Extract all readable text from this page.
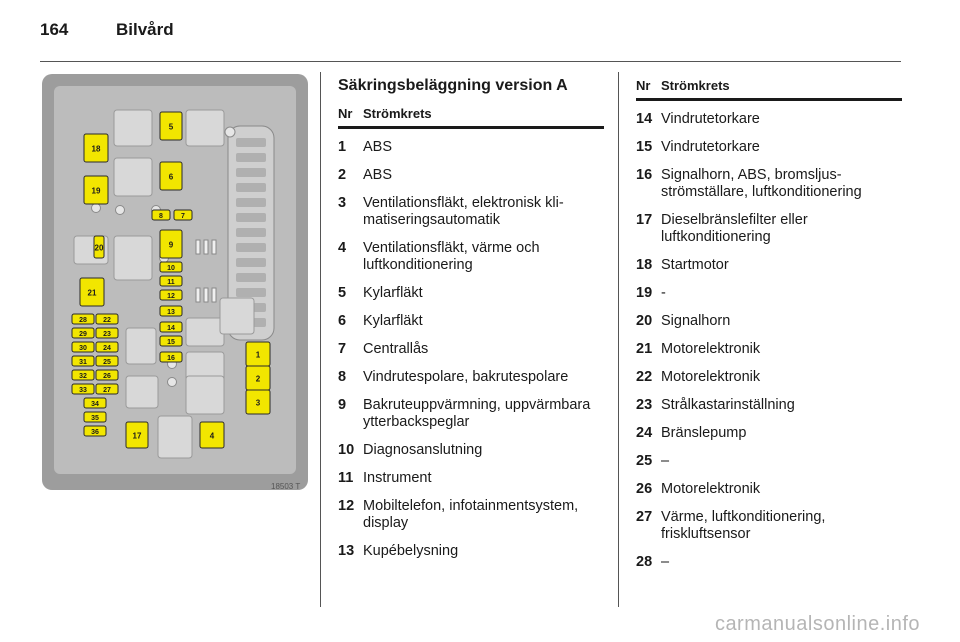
164	Bilvård
1
2
3
4
5
6
7
8
9
10
11
12
13
14
15
16
17
18
19
20
21
22
23
24
25
26
27
28
29
30
31
32
33
34
35
36
18503 T
Säkringsbeläggning version A
Nr Strömkrets
1	ABS
2	ABS
3	Ventilationsfläkt, elektronisk klimatiseringsautomatik
4	Ventilationsfläkt, värme och luftkonditionering
5	Kylarfläkt
6	Kylarfläkt
7	Centrallås
8	Vindrutespolare, bakrutespolare
9	Bakruteuppvärmning, uppvärmbara ytterbackspeglar
10 Diagnosanslutning
11 Instrument
12 Mobiltelefon, infotainmentsystem, display
13 Kupébelysning
Nr Strömkrets
14 Vindrutetorkare
15 Vindrutetorkare
16 Signalhorn, ABS, bromsljusströmställare, luftkonditionering
17 Dieselbränslefilter eller luftkonditionering
18 Startmotor
19 -
20 Signalhorn
21 Motorelektronik
22 Motorelektronik
23 Strålkastarinställning
24 Bränslepump
25 –
26 Motorelektronik
27 Värme, luftkonditionering, friskluftsensor
28 –
carmanualsonline.info
